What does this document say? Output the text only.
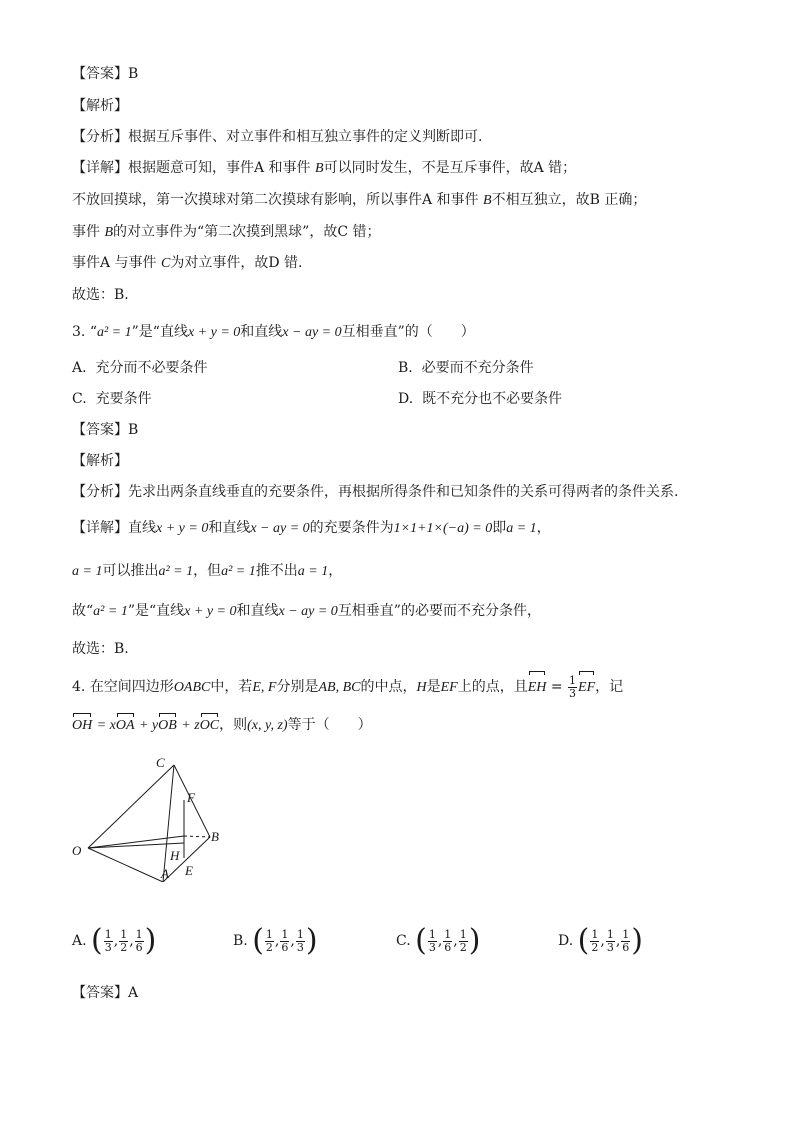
【答案】B
【解析】
【分析】根据互斥事件、对立事件和相互独立事件的定义判断即可.
【详解】根据题意可知，事件A 和事件 B可以同时发生，不是互斥事件，故A 错；
不放回摸球，第一次摸球对第二次摸球有影响，所以事件A 和事件 B不相互独立，故B 正确；
事件 B的对立事件为“第二次摸到黑球”，故C 错；
事件A 与事件 C为对立事件，故D 错.
故选：B.
3. “a² = 1”是“直线x + y = 0和直线x − ay = 0互相垂直”的（　　）
A. 充分而不必要条件	B. 必要而不充分条件
C. 充要条件	D. 既不充分也不必要条件
【答案】B
【解析】
【分析】先求出两条直线垂直的充要条件，再根据所得条件和已知条件的关系可得两者的条件关系.
【详解】直线x + y = 0和直线x − ay = 0的充要条件为1×1+1×(−a) = 0即a = 1，
a = 1可以推出a² = 1，但a² = 1推不出a = 1，
故“a² = 1”是“直线x + y = 0和直线x − ay = 0互相垂直”的必要而不充分条件，
故选：B.
4. 在空间四边形OABC中，若E, F分别是AB, BC的中点，H是EF上的点，且EH = $\frac{1}{3}$ EF，记
OH = xOA + yOB + zOC，则(x, y, z)等于（　　）
C
F
B
O	H
E
A
A. ( $\frac{1}{3}$ , $\frac{1}{2}$ , $\frac{1}{6}$ )	B. ( $\frac{1}{2}$ , $\frac{1}{6}$ , $\frac{1}{3}$ )	C. ( $\frac{1}{3}$ , $\frac{1}{6}$ , $\frac{1}{2}$ )	D. ( $\frac{1}{2}$ , $\frac{1}{3}$ , $\frac{1}{6}$ )
【答案】A
